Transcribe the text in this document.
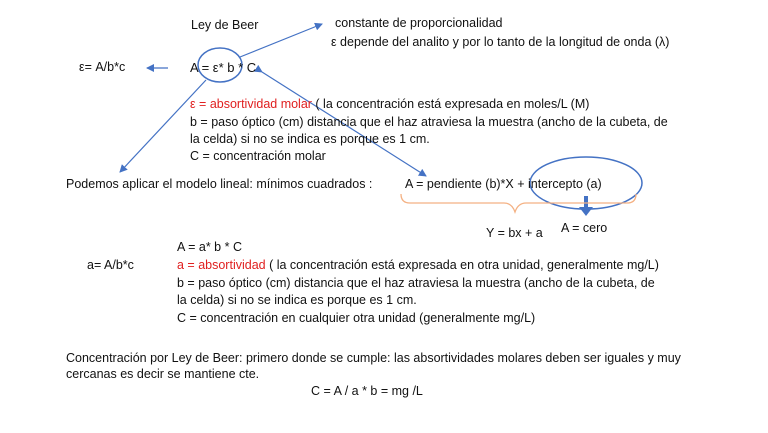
Ley de Beer	constante de proporcionalidad
ε depende del analito y por lo tanto de la longitud de onda (λ)
ε= A/b*c	A = ε* b * C
ε = absortividad molar ( la concentración está expresada en moles/L (M)
b = paso óptico (cm) distancia que el haz atraviesa la muestra (ancho de la cubeta, de
la celda) si no se indica es porque es 1 cm.
C = concentración molar
Podemos aplicar el modelo lineal: mínimos cuadrados :	A = pendiente (b)*X + intercepto (a)
Y = bx + a A = cero
A = a* b * C
a= A/b*c	a = absortividad ( la concentración está expresada en otra unidad, generalmente mg/L)
b = paso óptico (cm) distancia que el haz atraviesa la muestra (ancho de la cubeta, de
la celda) si no se indica es porque es 1 cm.
C = concentración en cualquier otra unidad (generalmente mg/L)
Concentración por Ley de Beer: primero donde se cumple: las absortividades molares deben ser iguales y muy
cercanas es decir se mantiene cte.
C = A / a * b = mg /L
